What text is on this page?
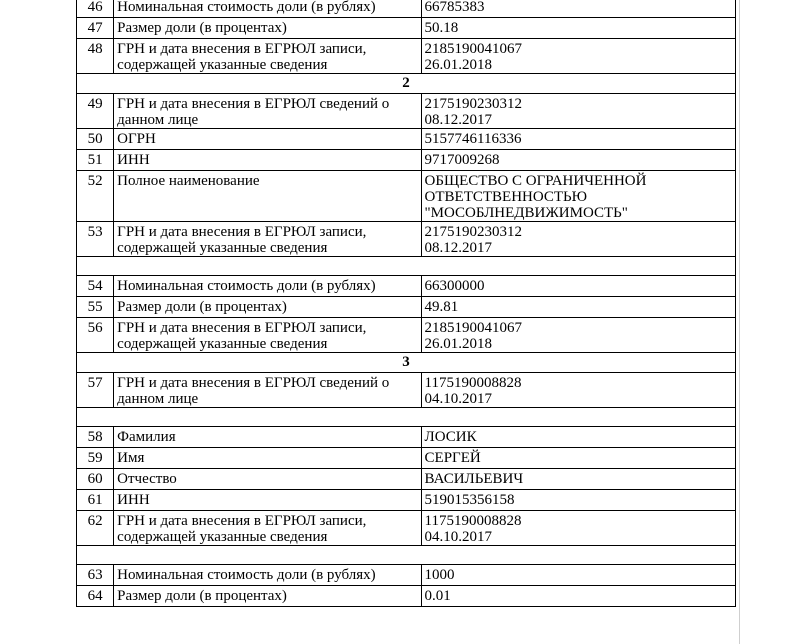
46	Номинальная стоимость доли (в рублях)	66785383
47	Размер доли (в процентах)	50.18
48	ГРН и дата внесения в ЕГРЮЛ записи, содержащей указанные сведения	2185190041067
26.01.2018
2		
49	ГРН и дата внесения в ЕГРЮЛ сведений о данном лице	2175190230312
08.12.2017
50	ОГРН	5157746116336
51	ИНН	9717009268
52	Полное наименование	ОБЩЕСТВО С ОГРАНИЧЕННОЙ ОТВЕТСТВЕННОСТЬЮ "МОСОБЛНЕДВИЖИМОСТЬ"
53	ГРН и дата внесения в ЕГРЮЛ записи, содержащей указанные сведения	2175190230312
08.12.2017

54	Номинальная стоимость доли (в рублях)	66300000
55	Размер доли (в процентах)	49.81
56	ГРН и дата внесения в ЕГРЮЛ записи, содержащей указанные сведения	2185190041067
26.01.2018
3		
57	ГРН и дата внесения в ЕГРЮЛ сведений о данном лице	1175190008828
04.10.2017

58	Фамилия	ЛОСИК
59	Имя	СЕРГЕЙ
60	Отчество	ВАСИЛЬЕВИЧ
61	ИНН	519015356158
62	ГРН и дата внесения в ЕГРЮЛ записи, содержащей указанные сведения	1175190008828
04.10.2017

63	Номинальная стоимость доли (в рублях)	1000
64	Размер доли (в процентах)	0.01
